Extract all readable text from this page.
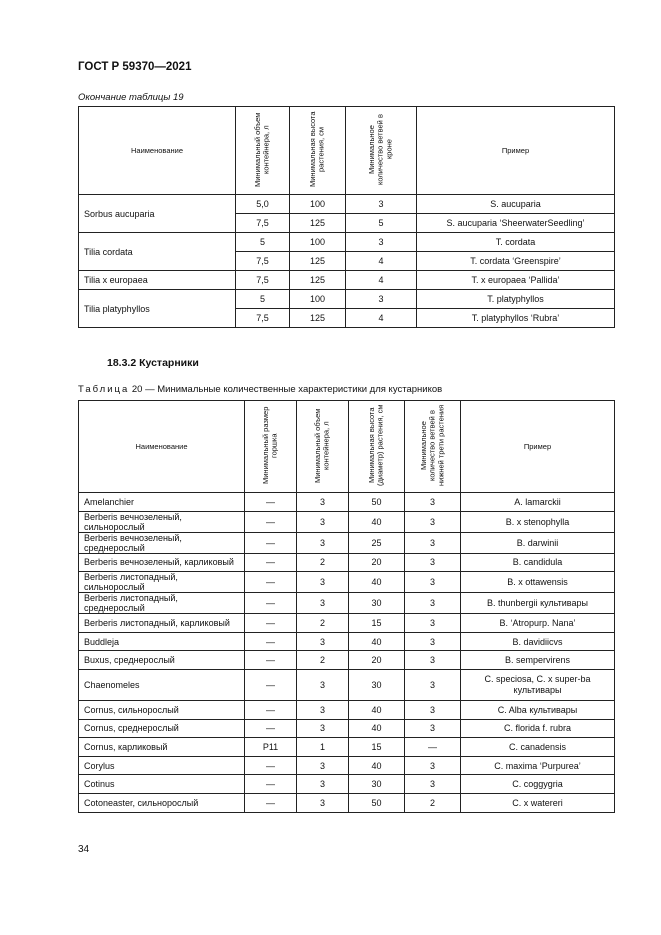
ГОСТ Р 59370—2021
Окончание таблицы 19
Наименование	Минимальный объем контейнера, л	Минимальная высота растения, см	Минимальное количество ветвей в кроне	Пример
Sorbus aucuparia	5,0	100	3	S. aucuparia
	7,5	125	5	S. aucuparia ‘SheerwaterSeedling’
Tilia cordata	5	100	3	T. cordata
	7,5	125	4	T. cordata ‘Greenspire’
Tilia x europaea	7,5	125	4	T. x europaea ‘Pallida’
Tilia platyphyllos	5	100	3	T. platyphyllos
	7,5	125	4	T. platyphyllos ‘Rubra’
18.3.2 Кустарники
Таблица 20 — Минимальные количественные характеристики для кустарников
Наименование	Минимальный размер горшка	Минимальный объем контейнера, л	Минимальная высота (диаметр) растения, см	Минимальное количество ветвей в нижней трети растения	Пример
Amelanchier	—	3	50	3	A. lamarckii
Berberis вечнозеленый, сильнорослый	—	3	40	3	B. x stenophylla
Berberis вечнозеленый, среднерослый	—	3	25	3	B. darwinii
Berberis вечнозеленый, карликовый	—	2	20	3	B. candidula
Berberis листопадный, сильнорослый	—	3	40	3	B. x ottawensis
Berberis листопадный, среднерослый	—	3	30	3	B. thunbergii культивары
Berberis листопадный, карликовый	—	2	15	3	B. ‘Atropurp. Nana’
Buddleja	—	3	40	3	B. davidiicvs
Buxus, среднерослый	—	2	20	3	B. sempervirens
Chaenomeles	—	3	30	3	C. speciosa, C. x super-ba культивары
Cornus, сильнорослый	—	3	40	3	C. Alba культивары
Cornus, среднерослый	—	3	40	3	C. florida f. rubra
Cornus, карликовый	P11	1	15	—	C. canadensis
Corylus	—	3	40	3	C. maxima ‘Purpurea’
Cotinus	—	3	30	3	C. coggygria
Cotoneaster, сильнорослый	—	3	50	2	C. x watereri
34
